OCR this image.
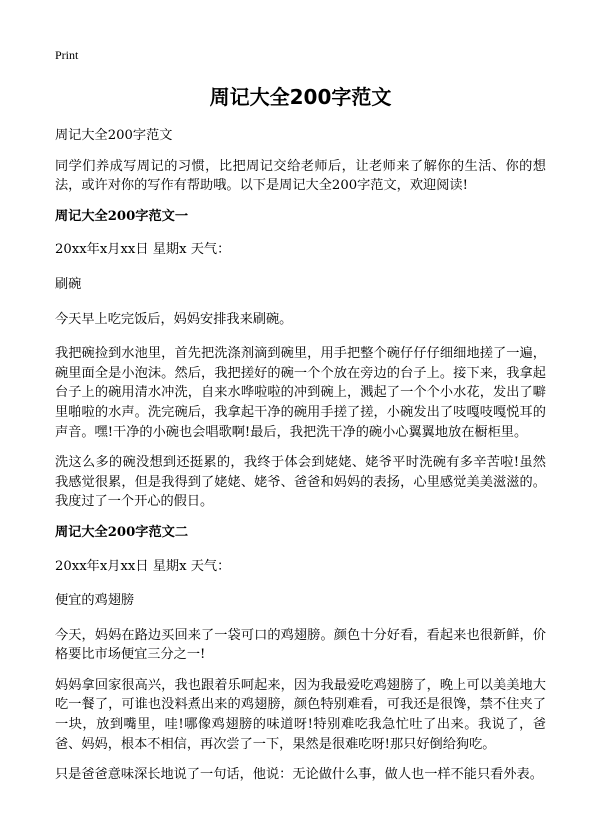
Print
周记大全200字范文

周记大全200字范文

同学们养成写周记的习惯，比把周记交给老师后，让老师来了解你的生活、你的想法，或许对你的写作有帮助哦。以下是周记大全200字范文，欢迎阅读!

周记大全200字范文一

20xx年x月xx日 星期x 天气：

刷碗

今天早上吃完饭后，妈妈安排我来刷碗。

我把碗捡到水池里，首先把洗涤剂滴到碗里，用手把整个碗仔仔仔细细地搓了一遍，碗里面全是小泡沫。然后，我把搓好的碗一个个放在旁边的台子上。接下来，我拿起台子上的碗用清水冲洗，自来水哗啦啦的冲到碗上，溅起了一个个小水花，发出了噼里啪啦的水声。洗完碗后，我拿起干净的碗用手搓了搓，小碗发出了吱嘎吱嘎悦耳的声音。嘿!干净的小碗也会唱歌啊!最后，我把洗干净的碗小心翼翼地放在橱柜里。

洗这么多的碗没想到还挺累的，我终于体会到姥姥、姥爷平时洗碗有多辛苦啦!虽然我感觉很累，但是我得到了姥姥、姥爷、爸爸和妈妈的表扬，心里感觉美美滋滋的。我度过了一个开心的假日。

周记大全200字范文二

20xx年x月xx日 星期x 天气：

便宜的鸡翅膀

今天，妈妈在路边买回来了一袋可口的鸡翅膀。颜色十分好看，看起来也很新鲜，价格要比市场便宜三分之一!

妈妈拿回家很高兴，我也跟着乐呵起来，因为我最爱吃鸡翅膀了，晚上可以美美地大吃一餐了，可谁也没料煮出来的鸡翅膀，颜色特别难看，可我还是很馋，禁不住夹了一块，放到嘴里，哇!哪像鸡翅膀的味道呀!特别难吃我急忙吐了出来。我说了，爸爸、妈妈，根本不相信，再次尝了一下，果然是很难吃呀!那只好倒给狗吃。

只是爸爸意味深长地说了一句话，他说：无论做什么事，做人也一样不能只看外表。
